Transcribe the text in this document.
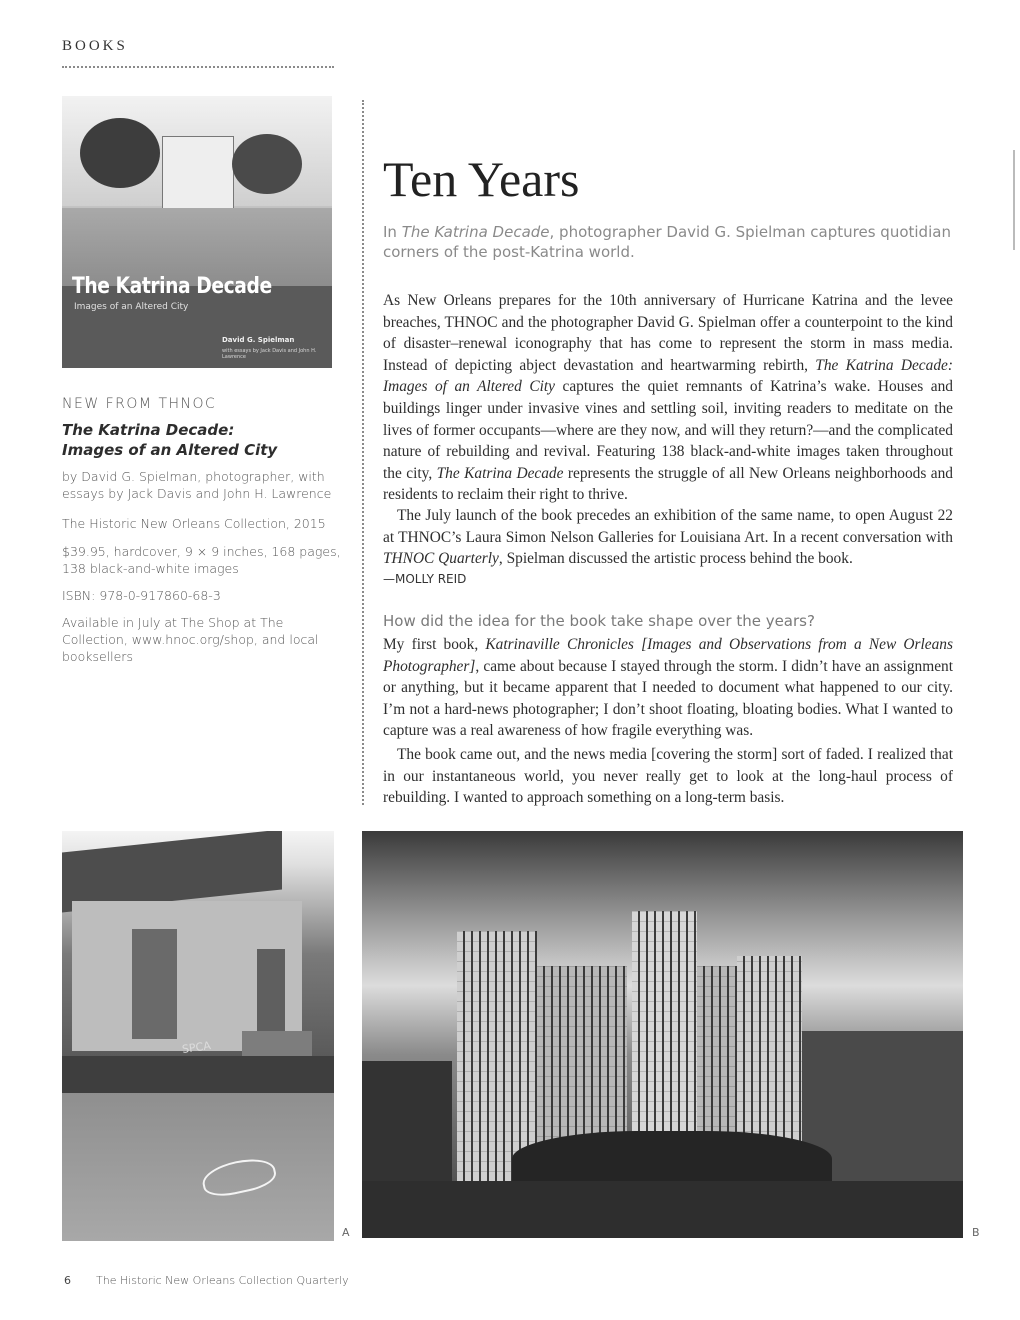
BOOKS
The Katrina Decade
Images of an Altered City
David G. Spielman
with essays by Jack Davis and John H. Lawrence
NEW FROM THNOC
The Katrina Decade:
Images of an Altered City
by David G. Spielman, photographer, with essays by Jack Davis and John H. Lawrence
The Historic New Orleans Collection, 2015
$39.95, hardcover, 9 × 9 inches, 168 pages, 138 black-and-white images
ISBN: 978-0-917860-68-3
Available in July at The Shop at The Collection, www.hnoc.org/shop, and local booksellers
Ten Years
In The Katrina Decade, photographer David G. Spielman captures quotidian corners of the post-Katrina world.
As New Orleans prepares for the 10th anniversary of Hurricane Katrina and the levee breaches, THNOC and the photographer David G. Spielman offer a counterpoint to the kind of disaster–renewal iconography that has come to represent the storm in mass media. Instead of depicting abject devastation and heartwarming rebirth, The Katrina Decade: Images of an Altered City captures the quiet remnants of Katrina’s wake. Houses and buildings linger under invasive vines and settling soil, inviting readers to meditate on the lives of former occupants—where are they now, and will they return?—and the complicated nature of rebuilding and revival. Featuring 138 black-and-white images taken throughout the city, The Katrina Decade represents the struggle of all New Orleans neighborhoods and residents to reclaim their right to thrive.
The July launch of the book precedes an exhibition of the same name, to open August 22 at THNOC’s Laura Simon Nelson Galleries for Louisiana Art. In a recent conversation with THNOC Quarterly, Spielman discussed the artistic process behind the book.
—MOLLY REID
How did the idea for the book take shape over the years?
My first book, Katrinaville Chronicles [Images and Observations from a New Orleans Photographer], came about because I stayed through the storm. I didn’t have an assignment or anything, but it became apparent that I needed to document what happened to our city. I’m not a hard-news photographer; I don’t shoot floating, bloating bodies. What I wanted to capture was a real awareness of how fragile everything was.
The book came out, and the news media [covering the storm] sort of faded. I realized that in our instantaneous world, you never really get to look at the long-haul process of rebuilding. I wanted to approach something on a long-term basis.
SPCA
A	B
6 The Historic New Orleans Collection Quarterly
